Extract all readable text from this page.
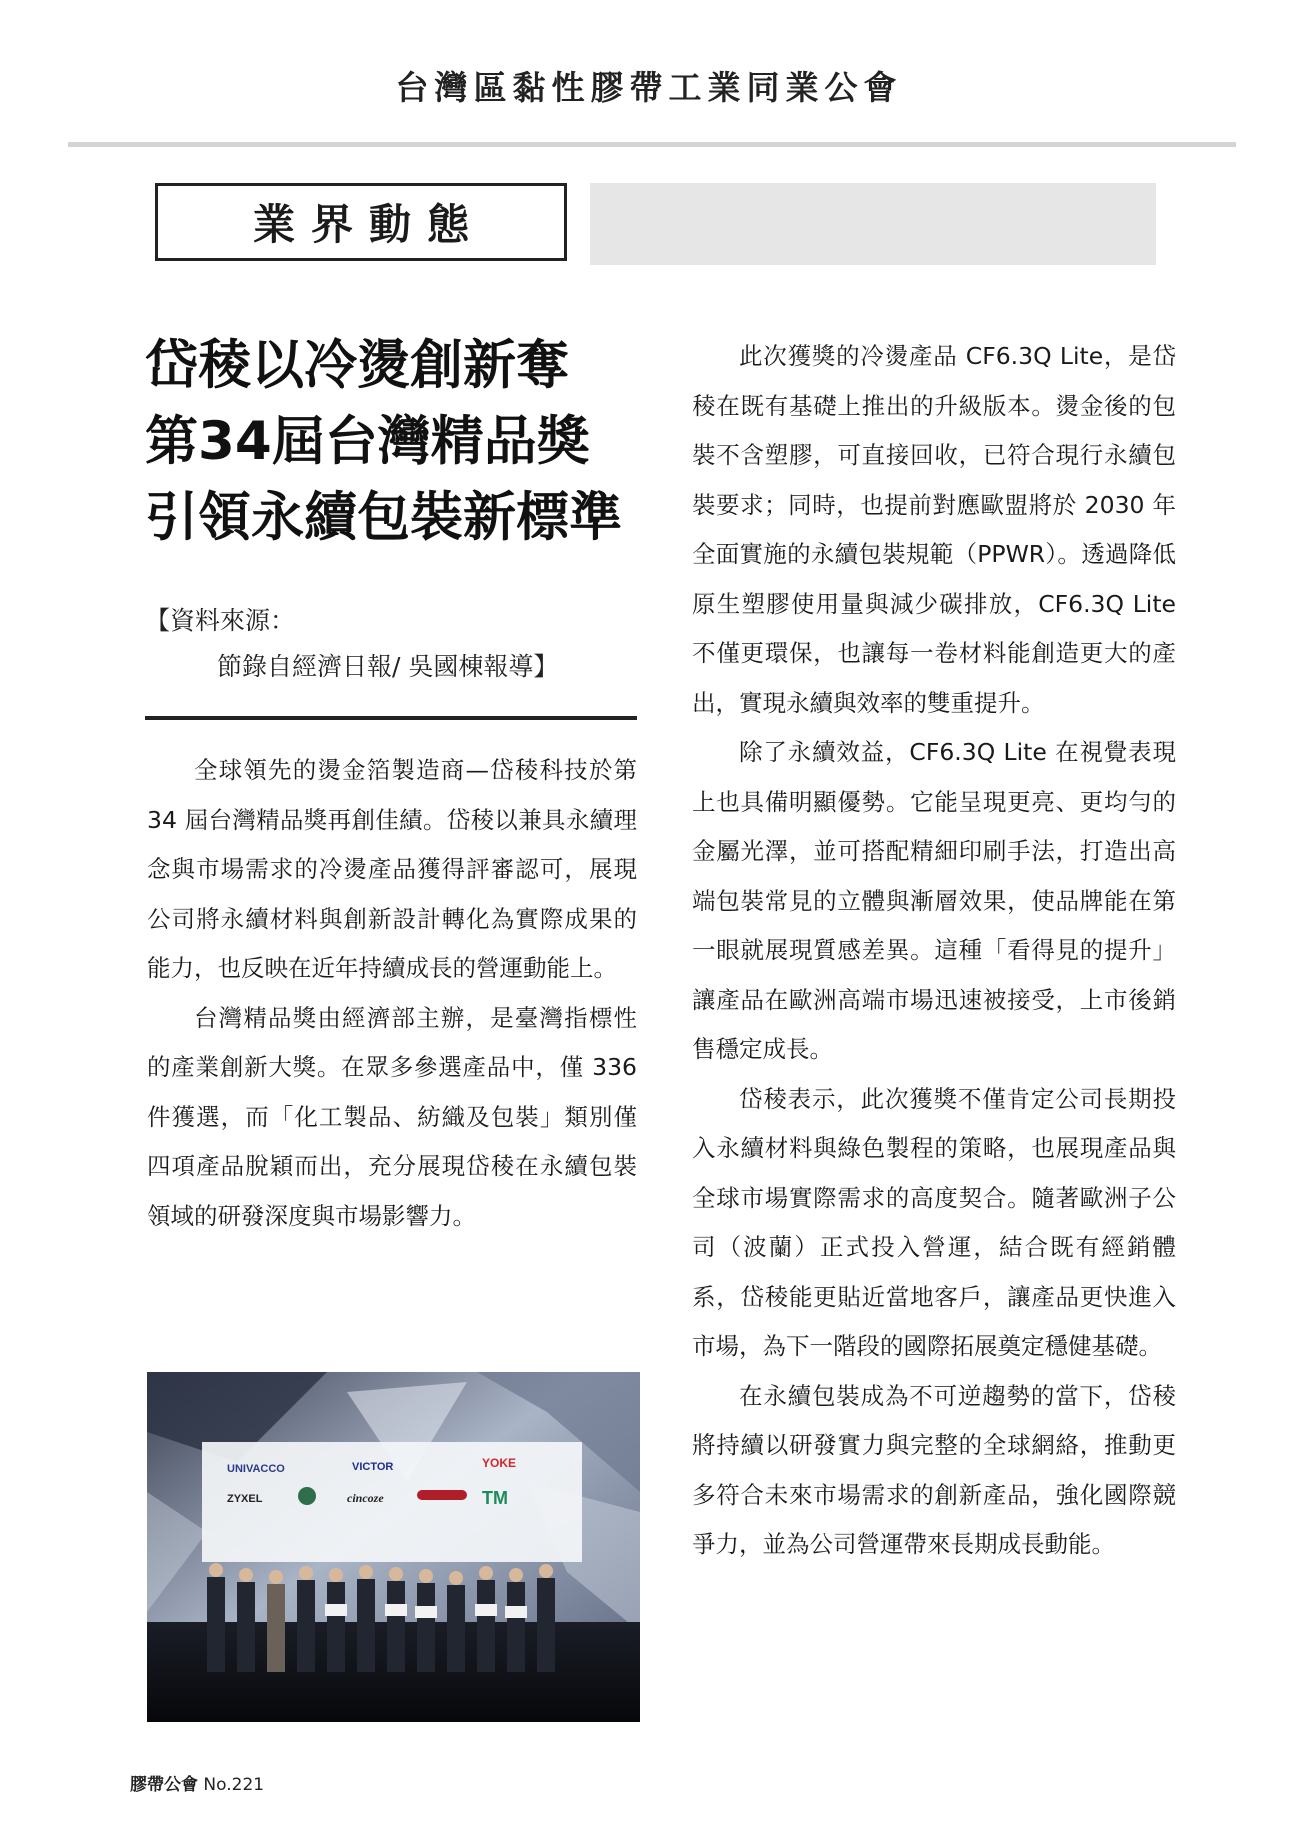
台灣區黏性膠帶工業同業公會
業界動態
岱稜以冷燙創新奪
第34屆台灣精品獎
引領永續包裝新標準
【資料來源：
節錄自經濟日報/ 吳國棟報導】

全球領先的燙金箔製造商—岱稜科技於第 34 屆台灣精品獎再創佳績。岱稜以兼具永續理念與市場需求的冷燙產品獲得評審認可，展現公司將永續材料與創新設計轉化為實際成果的能力，也反映在近年持續成長的營運動能上。

台灣精品獎由經濟部主辦，是臺灣指標性的產業創新大獎。在眾多參選產品中，僅 336 件獲選，而「化工製品、紡織及包裝」類別僅四項產品脫穎而出，充分展現岱稜在永續包裝領域的研發深度與市場影響力。

UNIVACCO	VICTOR	YOKE
ZYXEL	cincoze	TM

此次獲獎的冷燙產品 CF6.3Q Lite，是岱稜在既有基礎上推出的升級版本。燙金後的包裝不含塑膠，可直接回收，已符合現行永續包裝要求；同時，也提前對應歐盟將於 2030 年全面實施的永續包裝規範（PPWR）。透過降低原生塑膠使用量與減少碳排放，CF6.3Q Lite 不僅更環保，也讓每一卷材料能創造更大的產出，實現永續與效率的雙重提升。

除了永續效益，CF6.3Q Lite 在視覺表現上也具備明顯優勢。它能呈現更亮、更均勻的金屬光澤，並可搭配精細印刷手法，打造出高端包裝常見的立體與漸層效果，使品牌能在第一眼就展現質感差異。這種「看得見的提升」讓產品在歐洲高端市場迅速被接受，上市後銷售穩定成長。

岱稜表示，此次獲獎不僅肯定公司長期投入永續材料與綠色製程的策略，也展現產品與全球市場實際需求的高度契合。隨著歐洲子公司（波蘭）正式投入營運，結合既有經銷體系，岱稜能更貼近當地客戶，讓產品更快進入市場，為下一階段的國際拓展奠定穩健基礎。

在永續包裝成為不可逆趨勢的當下，岱稜將持續以研發實力與完整的全球網絡，推動更多符合未來市場需求的創新產品，強化國際競爭力，並為公司營運帶來長期成長動能。

膠帶公會 No.221
